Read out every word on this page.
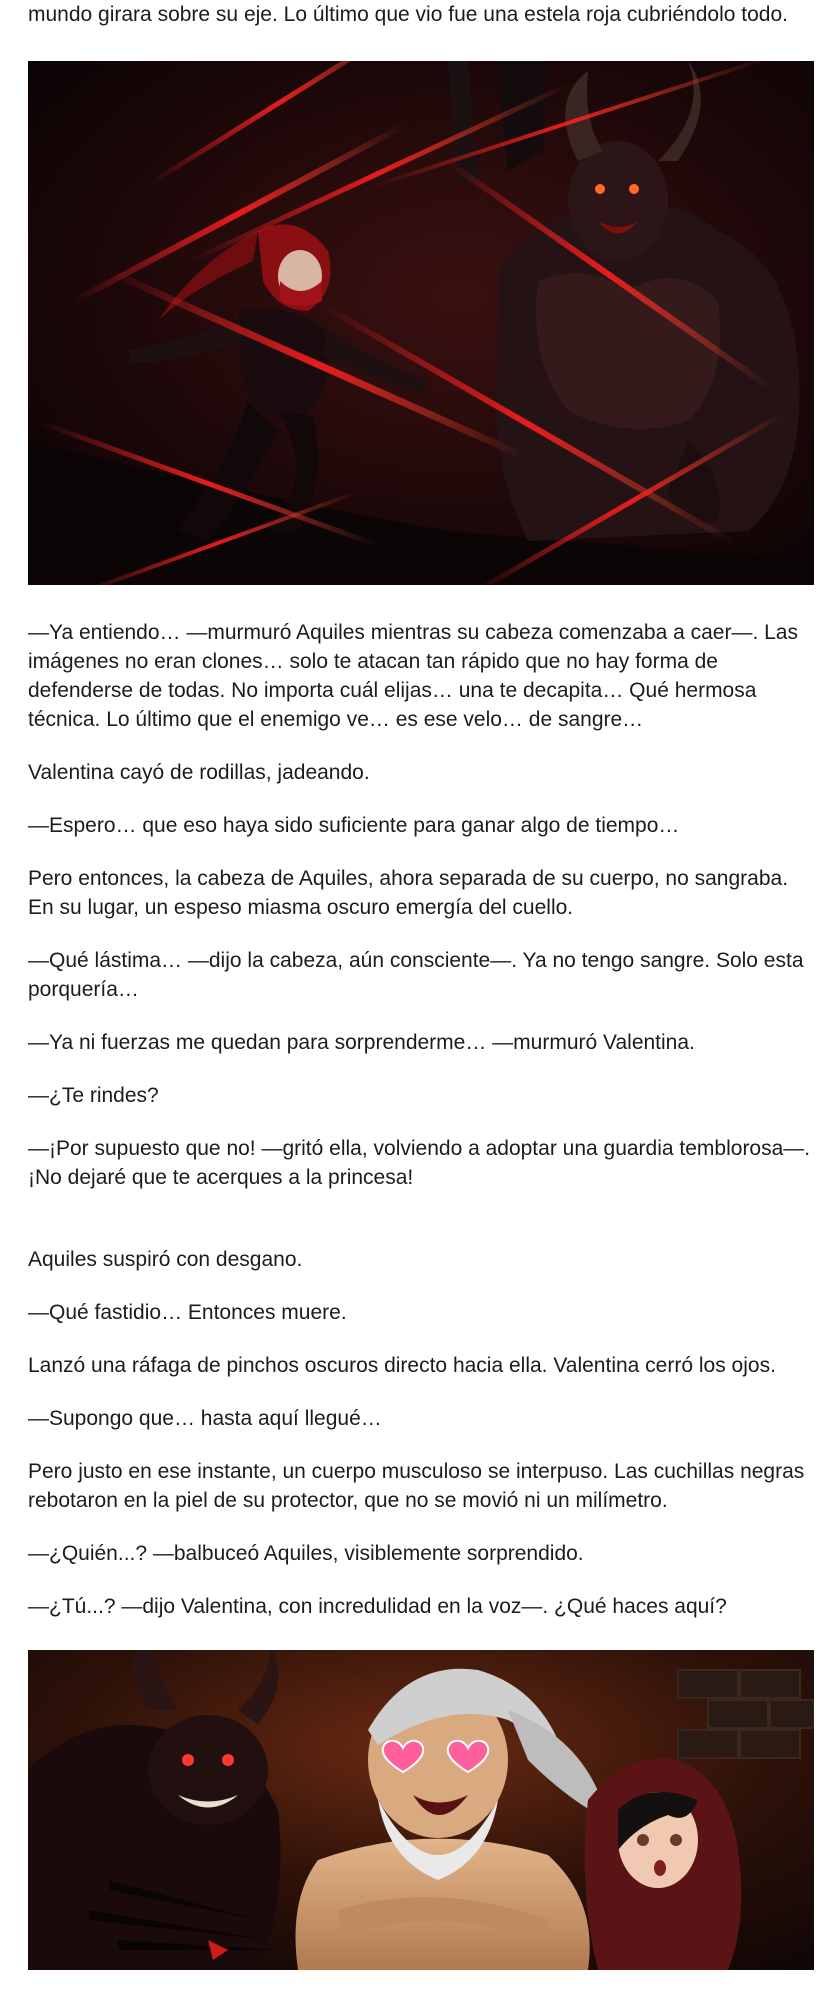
mundo girara sobre su eje. Lo último que vio fue una estela roja cubriéndolo todo.

—Ya entiendo… —murmuró Aquiles mientras su cabeza comenzaba a caer—. Las imágenes no eran clones… solo te atacan tan rápido que no hay forma de defenderse de todas. No importa cuál elijas… una te decapita… Qué hermosa técnica. Lo último que el enemigo ve… es ese velo… de sangre…

Valentina cayó de rodillas, jadeando.

—Espero… que eso haya sido suficiente para ganar algo de tiempo…

Pero entonces, la cabeza de Aquiles, ahora separada de su cuerpo, no sangraba. En su lugar, un espeso miasma oscuro emergía del cuello.

—Qué lástima… —dijo la cabeza, aún consciente—. Ya no tengo sangre. Solo esta porquería…

—Ya ni fuerzas me quedan para sorprenderme… —murmuró Valentina.

—¿Te rindes?

—¡Por supuesto que no! —gritó ella, volviendo a adoptar una guardia temblorosa—. ¡No dejaré que te acerques a la princesa!

Aquiles suspiró con desgano.

—Qué fastidio… Entonces muere.

Lanzó una ráfaga de pinchos oscuros directo hacia ella. Valentina cerró los ojos.

—Supongo que… hasta aquí llegué…

Pero justo en ese instante, un cuerpo musculoso se interpuso. Las cuchillas negras rebotaron en la piel de su protector, que no se movió ni un milímetro.

—¿Quién...? —balbuceó Aquiles, visiblemente sorprendido.

—¿Tú...? —dijo Valentina, con incredulidad en la voz—. ¿Qué haces aquí?
